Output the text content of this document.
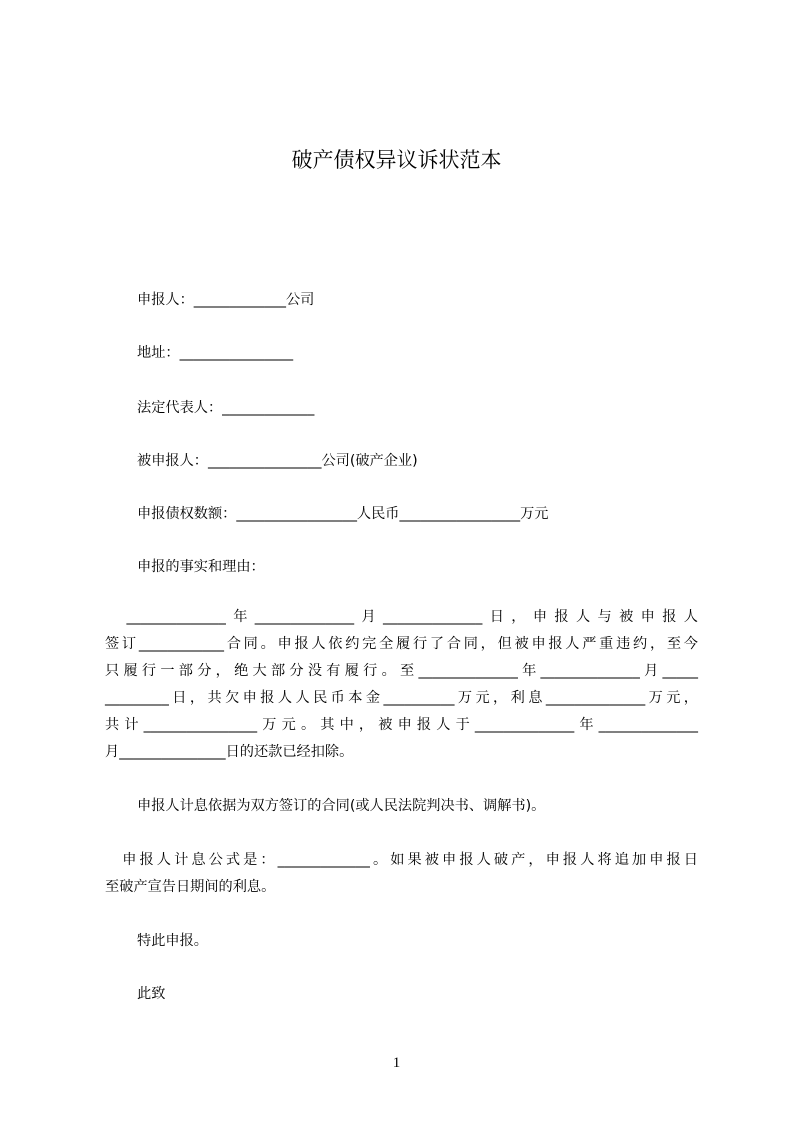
破产债权异议诉状范本
申报人：_____________公司
地址：________________
法定代表人：_____________
被申报人：________________公司(破产企业)
申报债权数额：_________________人民币_________________万元
申报的事实和理由：
　______________年______________月______________日，申报人与被申报人
签订____________合同。申报人依约完全履行了合同，但被申报人严重违约，至今
只履行一部分，绝大部分没有履行。至______________年______________月_____
_________日，共欠申报人人民币本金__________万元，利息______________万元，
共计________________万元。其中，被申报人于______________年______________
月_______________日的还款已经扣除。
申报人计息依据为双方签订的合同(或人民法院判决书、调解书)。
　申报人计息公式是：_____________。如果被申报人破产，申报人将追加申报日
至破产宣告日期间的利息。
特此申报。
此致
1
